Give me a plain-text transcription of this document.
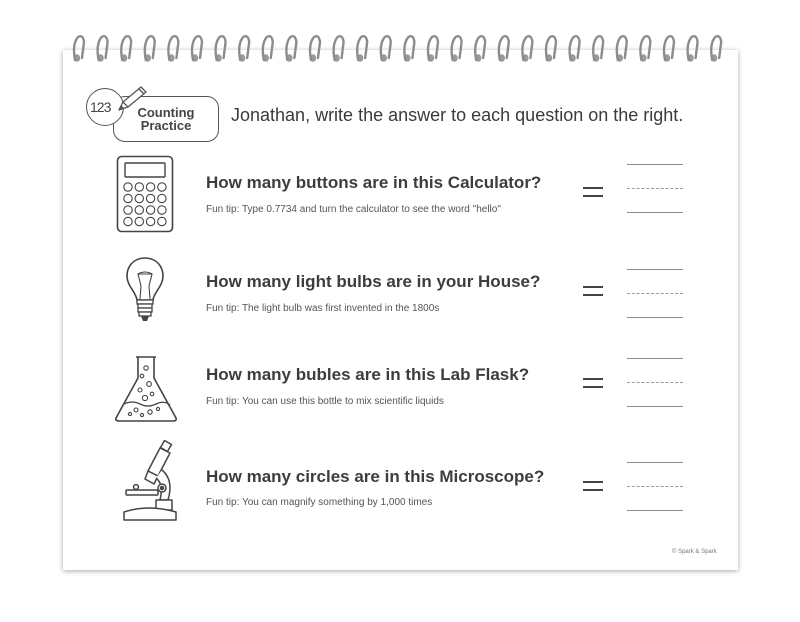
Counting Practice
123	Jonathan, write the answer to each question on the right.
How many buttons are in this Calculator?
Fun tip: Type 0.7734 and turn the calculator to see the word "hello"
How many light bulbs are in your House?
Fun tip: The light bulb was first invented in the 1800s
How many bubles are in this Lab Flask?
Fun tip: You can use this bottle to mix scientific liquids
How many circles are in this Microscope?
Fun tip: You can magnify something by 1,000 times
© Spark & Spark
